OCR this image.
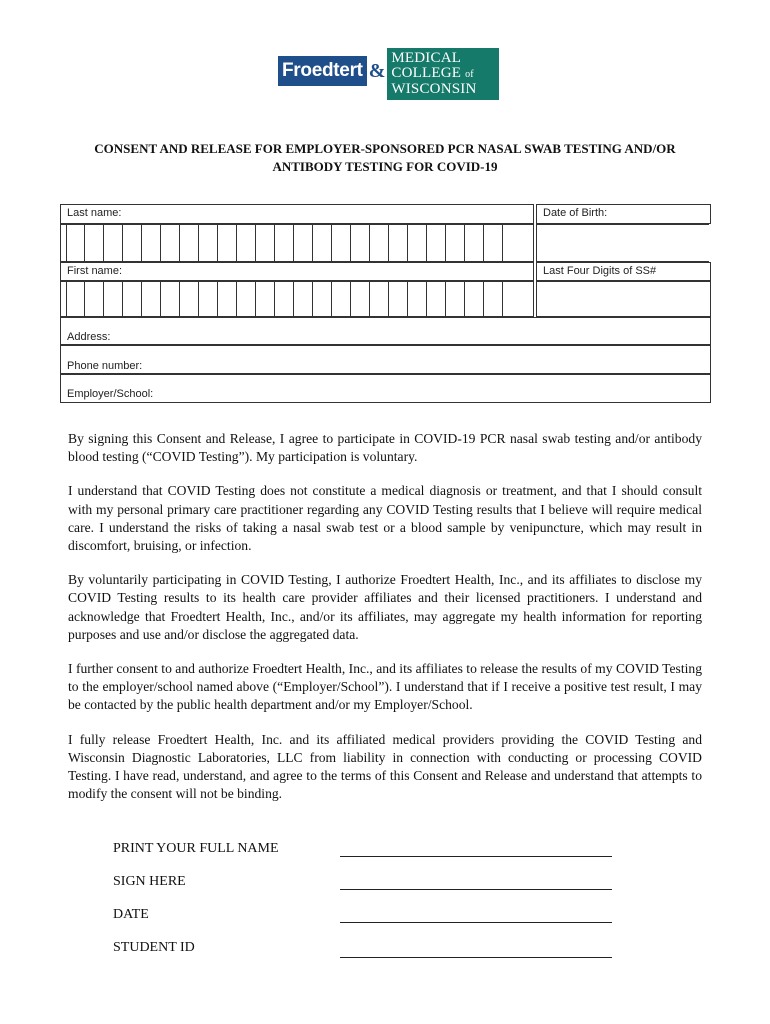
Froedtert &
MEDICAL
COLLEGE of
WISCONSIN
CONSENT AND RELEASE FOR EMPLOYER-SPONSORED PCR NASAL SWAB TESTING AND/OR
ANTIBODY TESTING FOR COVID-19
Last name:	Date of Birth:
First name:	Last Four Digits of SS#
Address:
Phone number:
Employer/School:

By signing this Consent and Release, I agree to participate in COVID-19 PCR nasal swab testing and/or antibody blood testing (“COVID Testing”). My participation is voluntary.

I understand that COVID Testing does not constitute a medical diagnosis or treatment, and that I should consult with my personal primary care practitioner regarding any COVID Testing results that I believe will require medical care. I understand the risks of taking a nasal swab test or a blood sample by venipuncture, which may result in discomfort, bruising, or infection.

By voluntarily participating in COVID Testing, I authorize Froedtert Health, Inc., and its affiliates to disclose my COVID Testing results to its health care provider affiliates and their licensed practitioners. I understand and acknowledge that Froedtert Health, Inc., and/or its affiliates, may aggregate my health information for reporting purposes and use and/or disclose the aggregated data.

I further consent to and authorize Froedtert Health, Inc., and its affiliates to release the results of my COVID Testing to the employer/school named above (“Employer/School”). I understand that if I receive a positive test result, I may be contacted by the public health department and/or my Employer/School.

I fully release Froedtert Health, Inc. and its affiliated medical providers providing the COVID Testing and Wisconsin Diagnostic Laboratories, LLC from liability in connection with conducting or processing COVID Testing. I have read, understand, and agree to the terms of this Consent and Release and understand that attempts to modify the consent will not be binding.

PRINT YOUR FULL NAME
SIGN HERE
DATE
STUDENT ID
